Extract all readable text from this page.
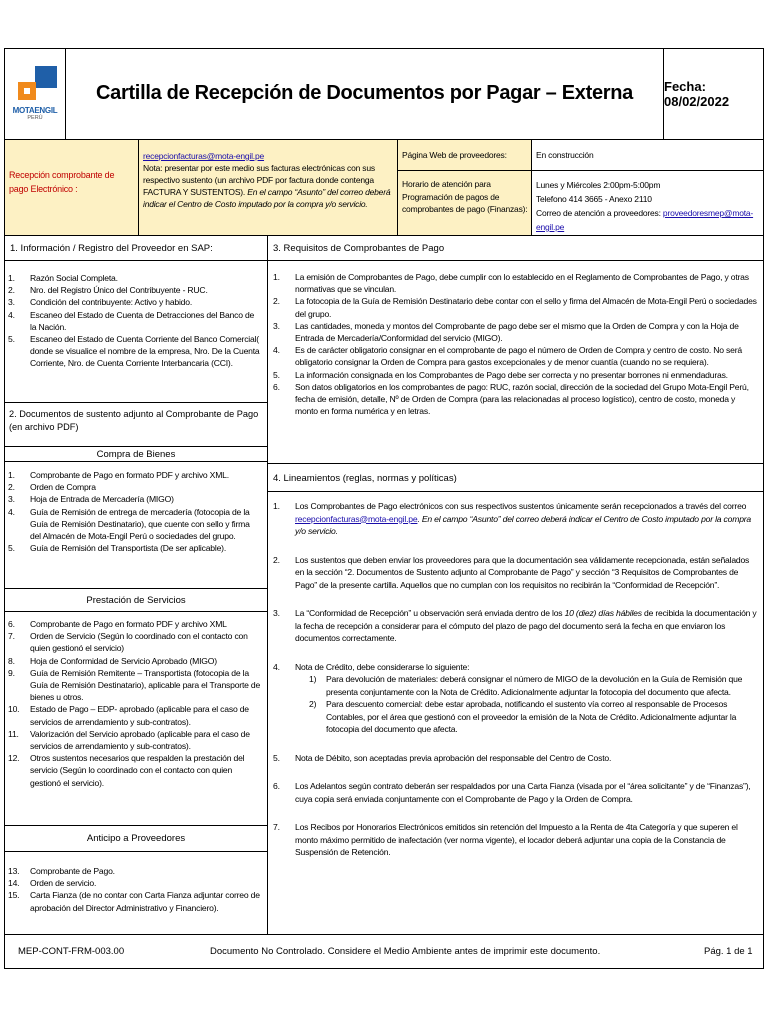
MOTAENGIL
PERÚ
Cartilla de Recepción de Documentos por Pagar – Externa	Fecha: 08/02/2022
Recepción comprobante de pago Electrónico :
recepcionfacturas@mota-engil.pe
Nota: presentar por este medio sus facturas electrónicas con sus respectivo sustento (un archivo PDF por factura donde contenga FACTURA Y SUSTENTOS). En el campo “Asunto” del correo deberá indicar el Centro de Costo imputado por la compra y/o servicio.
Página Web de proveedores:	En construcción
Horario de atención para Programación de pagos de comprobantes de pago (Finanzas):
Lunes y Miércoles 2:00pm-5:00pm
Telefono 414 3665 - Anexo 2110
Correo de atención a proveedores: proveedoresmep@mota-engil.pe
1. Información / Registro del Proveedor en SAP:
1.	Razón Social Completa.
2.	Nro. del Registro Único del Contribuyente - RUC.
3.	Condición del contribuyente: Activo y habido.
4.	Escaneo del Estado de Cuenta de Detracciones del Banco de la Nación.
5.	Escaneo del Estado de Cuenta Corriente del Banco Comercial( donde se visualice el nombre de la empresa, Nro. De la Cuenta Corriente, Nro. de Cuenta Corriente Interbancaria (CCI).
2. Documentos de sustento adjunto al Comprobante de Pago (en archivo PDF)
Compra de Bienes
1.	Comprobante de Pago en formato PDF y archivo XML.
2.	Orden de Compra
3.	Hoja de Entrada de Mercadería (MIGO)
4.	Guía de Remisión de entrega de mercadería (fotocopia de la Guía de Remisión Destinatario), que cuente con sello y firma del Almacén de Mota-Engil Perú o sociedades del grupo.
5.	Guía de Remisión del Transportista (De ser aplicable).
Prestación de Servicios
6.	Comprobante de Pago en formato PDF y archivo XML
7.	Orden de Servicio (Según lo coordinado con el contacto con quien gestionó el servicio)
8.	Hoja de Conformidad de Servicio Aprobado (MIGO)
9.	Guía de Remisión Remitente – Transportista (fotocopia de la Guía de Remisión Destinatario), aplicable para el Transporte de bienes u otros.
10.	Estado de Pago – EDP- aprobado (aplicable para el caso de servicios de arrendamiento y sub-contratos).
11.	Valorización del Servicio aprobado (aplicable para el caso de servicios de arrendamiento y sub-contratos).
12.	Otros sustentos necesarios que respalden la prestación del servicio (Según lo coordinado con el contacto con quien gestionó el servicio).
Anticipo a Proveedores
13.	Comprobante de Pago.
14.	Orden de servicio.
15.	Carta Fianza (de no contar con Carta Fianza adjuntar correo de aprobación del Director Administrativo y Financiero).
3. Requisitos de Comprobantes de Pago
1.	La emisión de Comprobantes de Pago, debe cumplir con lo establecido en el Reglamento de Comprobantes de Pago, y otras normativas que se vinculan.
2.	La fotocopia de la Guía de Remisión Destinatario debe contar con el sello y firma del Almacén de Mota-Engil Perú o sociedades del grupo.
3.	Las cantidades, moneda y montos del Comprobante de pago debe ser el mismo que la Orden de Compra y con la Hoja de Entrada de Mercadería/Conformidad del servicio (MIGO).
4.	Es de carácter obligatorio consignar en el comprobante de pago el número de Orden de Compra y centro de costo. No será obligatorio consignar la Orden de Compra para gastos excepcionales y de menor cuantía (cuando no se requiera).
5.	La información consignada en los Comprobantes de Pago debe ser correcta y no presentar borrones ni enmendaduras.
6.	Son datos obligatorios en los comprobantes de pago: RUC, razón social, dirección de la sociedad del Grupo Mota-Engil Perú, fecha de emisión, detalle, Nº de Orden de Compra (para las relacionadas al proceso logístico), centro de costo, moneda y monto en forma numérica y en letras.
4. Lineamientos (reglas, normas y políticas)
1.	Los Comprobantes de Pago electrónicos con sus respectivos sustentos únicamente serán recepcionados a través del correo recepcionfacturas@mota-engil.pe. En el campo “Asunto” del correo deberá indicar el Centro de Costo imputado por la compra y/o servicio.
2.	Los sustentos que deben enviar los proveedores para que la documentación sea válidamente recepcionada, están señalados en la sección “2. Documentos de Sustento adjunto al Comprobante de Pago” y sección “3 Requisitos de Comprobantes de Pago” de la presente cartilla. Aquellos que no cumplan con los requisitos no recibirán la “Conformidad de Recepción”.
3.	La “Conformidad de Recepción” u observación será enviada dentro de los 10 (diez) días hábiles de recibida la documentación y la fecha de recepción a considerar para el cómputo del plazo de pago del documento será la fecha en que enviaron los documentos correctamente.
4.	Nota de Crédito, debe considerarse lo siguiente:
1)	Para devolución de materiales: deberá consignar el número de MIGO de la devolución en la Guía de Remisión que presenta conjuntamente con la Nota de Crédito. Adicionalmente adjuntar la fotocopia del documento que afecta.
2)	Para descuento comercial: debe estar aprobada, notificando el sustento vía correo al responsable de Procesos Contables, por el área que gestionó con el proveedor la emisión de la Nota de Crédito. Adicionalmente adjuntar la fotocopia del documento que afecta.
5.	Nota de Débito, son aceptadas previa aprobación del responsable del Centro de Costo.
6.	Los Adelantos según contrato deberán ser respaldados por una Carta Fianza (visada por el “área solicitante” y de “Finanzas”), cuya copia será enviada conjuntamente con el Comprobante de Pago y la Orden de Compra.
7.	Los Recibos por Honorarios Electrónicos emitidos sin retención del Impuesto a la Renta de 4ta Categoría y que superen el monto máximo permitido de inafectación (ver norma vigente), el locador deberá adjuntar una copia de la Constancia de Suspensión de Retención.
MEP-CONT-FRM-003.00	Documento No Controlado. Considere el Medio Ambiente antes de imprimir este documento.	Pág. 1 de 1
